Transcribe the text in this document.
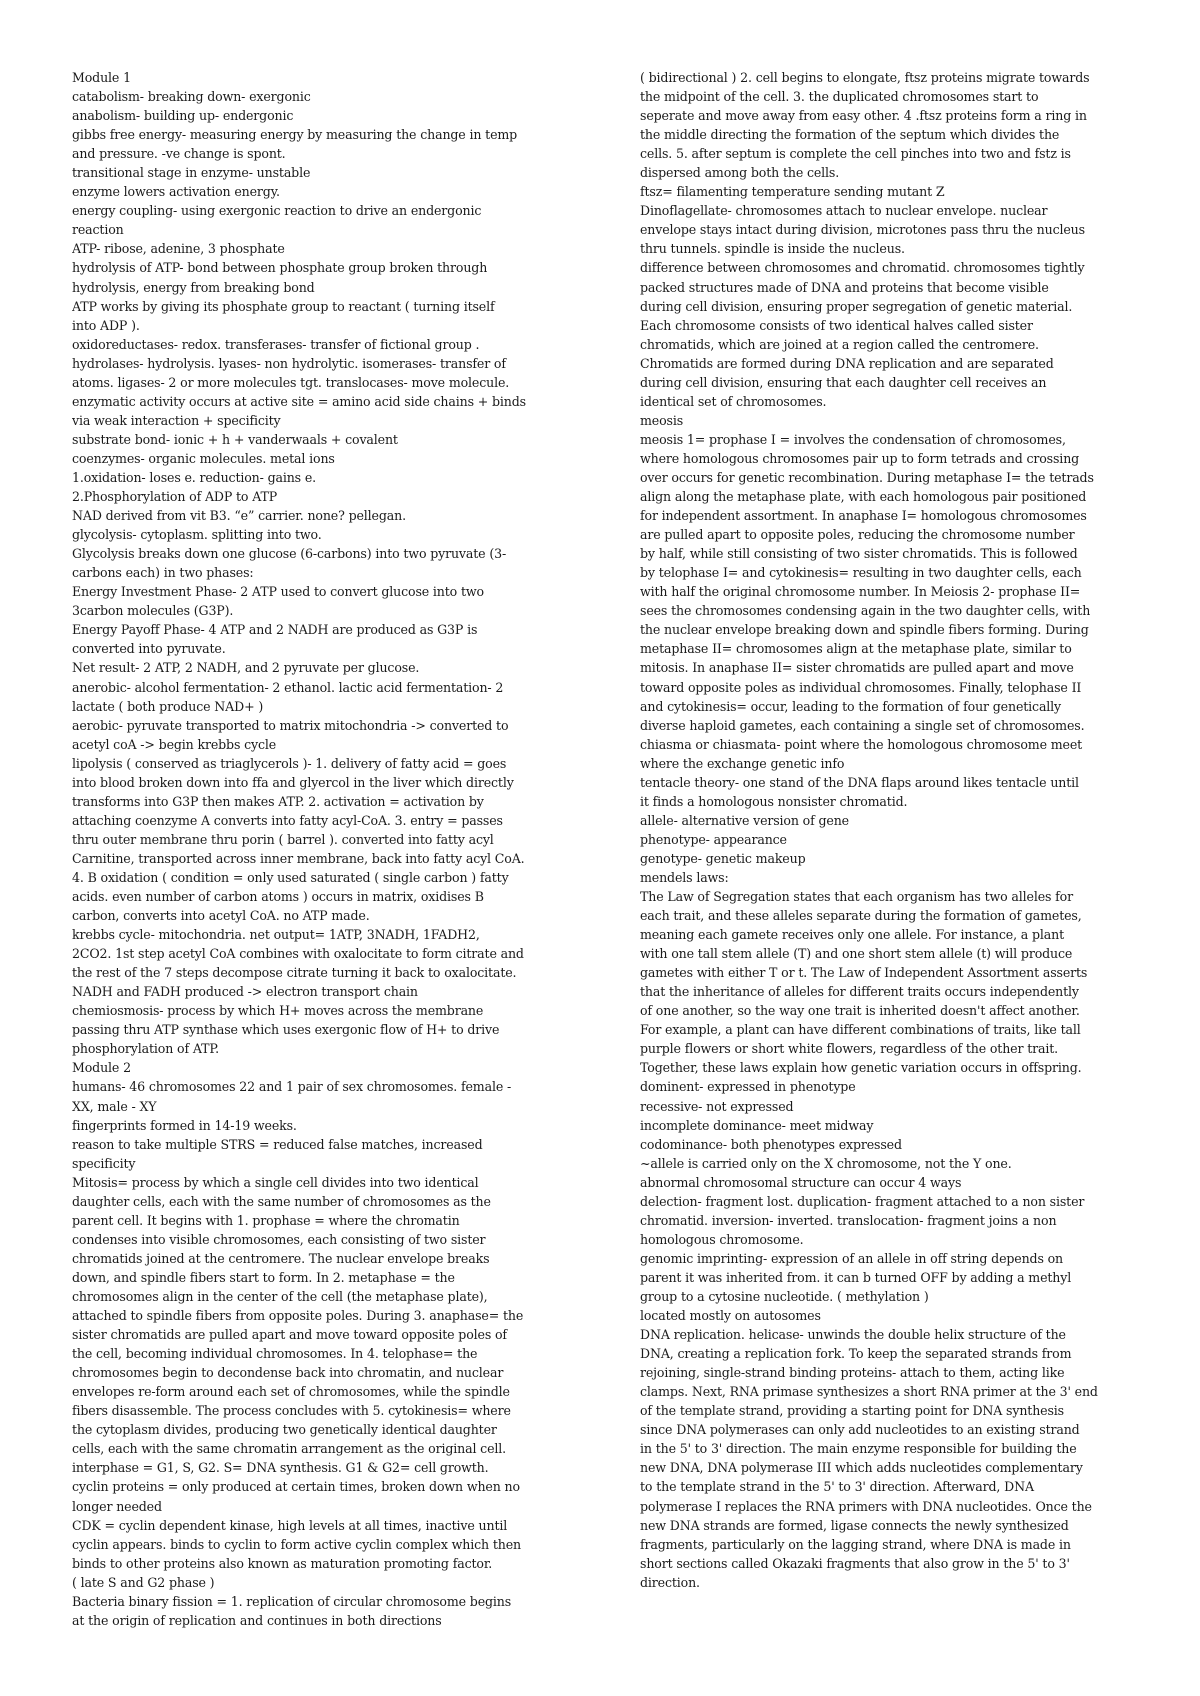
Module 1

catabolism- breaking down- exergonic

anabolism- building up- endergonic

gibbs free energy- measuring energy by measuring the change in temp

and pressure. -ve change is spont.

transitional stage in enzyme- unstable

enzyme lowers activation energy.

energy coupling- using exergonic reaction to drive an endergonic

reaction

ATP- ribose, adenine, 3 phosphate

hydrolysis of ATP- bond between phosphate group broken through

hydrolysis, energy from breaking bond

ATP works by giving its phosphate group to reactant ( turning itself

into ADP ).

oxidoreductases- redox. transferases- transfer of fictional group .

hydrolases- hydrolysis. lyases- non hydrolytic. isomerases- transfer of

atoms. ligases- 2 or more molecules tgt. translocases- move molecule.

enzymatic activity occurs at active site = amino acid side chains + binds

via weak interaction + specificity

substrate bond- ionic + h + vanderwaals + covalent

coenzymes- organic molecules. metal ions

1.oxidation- loses e. reduction- gains e.

2.Phosphorylation of ADP to ATP

NAD derived from vit B3. “e” carrier. none? pellegan.

glycolysis- cytoplasm. splitting into two.

Glycolysis breaks down one glucose (6-carbons) into two pyruvate (3-

carbons each) in two phases:

Energy Investment Phase- 2 ATP used to convert glucose into two

3carbon molecules (G3P).

Energy Payoff Phase- 4 ATP and 2 NADH are produced as G3P is

converted into pyruvate.

Net result- 2 ATP, 2 NADH, and 2 pyruvate per glucose.

anerobic- alcohol fermentation- 2 ethanol. lactic acid fermentation- 2

lactate ( both produce NAD+ )

aerobic- pyruvate transported to matrix mitochondria -> converted to

acetyl coA -> begin krebbs cycle

lipolysis ( conserved as triaglycerols )- 1. delivery of fatty acid = goes

into blood broken down into ffa and glyercol in the liver which directly

transforms into G3P then makes ATP. 2. activation = activation by

attaching coenzyme A converts into fatty acyl-CoA. 3. entry = passes

thru outer membrane thru porin ( barrel ). converted into fatty acyl

Carnitine, transported across inner membrane, back into fatty acyl CoA.

4. B oxidation ( condition = only used saturated ( single carbon ) fatty

acids. even number of carbon atoms ) occurs in matrix, oxidises B

carbon, converts into acetyl CoA. no ATP made.

krebbs cycle- mitochondria. net output= 1ATP, 3NADH, 1FADH2,

2CO2. 1st step acetyl CoA combines with oxalocitate to form citrate and

the rest of the 7 steps decompose citrate turning it back to oxalocitate.

NADH and FADH produced -> electron transport chain

chemiosmosis- process by which H+ moves across the membrane

passing thru ATP synthase which uses exergonic flow of H+ to drive

phosphorylation of ATP.

Module 2

humans- 46 chromosomes 22 and 1 pair of sex chromosomes. female -

XX, male - XY

fingerprints formed in 14-19 weeks.

reason to take multiple STRS = reduced false matches, increased

specificity

Mitosis= process by which a single cell divides into two identical

daughter cells, each with the same number of chromosomes as the

parent cell. It begins with 1. prophase = where the chromatin

condenses into visible chromosomes, each consisting of two sister

chromatids joined at the centromere. The nuclear envelope breaks

down, and spindle fibers start to form. In 2. metaphase = the

chromosomes align in the center of the cell (the metaphase plate),

attached to spindle fibers from opposite poles. During 3. anaphase= the

sister chromatids are pulled apart and move toward opposite poles of

the cell, becoming individual chromosomes. In 4. telophase= the

chromosomes begin to decondense back into chromatin, and nuclear

envelopes re-form around each set of chromosomes, while the spindle

fibers disassemble. The process concludes with 5. cytokinesis= where

the cytoplasm divides, producing two genetically identical daughter

cells, each with the same chromatin arrangement as the original cell.

interphase = G1, S, G2. S= DNA synthesis. G1 & G2= cell growth.

cyclin proteins = only produced at certain times, broken down when no

longer needed

CDK = cyclin dependent kinase, high levels at all times, inactive until

cyclin appears. binds to cyclin to form active cyclin complex which then

binds to other proteins also known as maturation promoting factor.

( late S and G2 phase )

Bacteria binary fission = 1. replication of circular chromosome begins

at the origin of replication and continues in both directions

( bidirectional ) 2. cell begins to elongate, ftsz proteins migrate towards

the midpoint of the cell. 3. the duplicated chromosomes start to

seperate and move away from easy other. 4 .ftsz proteins form a ring in

the middle directing the formation of the septum which divides the

cells. 5. after septum is complete the cell pinches into two and fstz is

dispersed among both the cells.

ftsz= filamenting temperature sending mutant Z

Dinoflagellate- chromosomes attach to nuclear envelope. nuclear

envelope stays intact during division, microtones pass thru the nucleus

thru tunnels. spindle is inside the nucleus.

difference between chromosomes and chromatid. chromosomes tightly

packed structures made of DNA and proteins that become visible

during cell division, ensuring proper segregation of genetic material.

Each chromosome consists of two identical halves called sister

chromatids, which are joined at a region called the centromere.

Chromatids are formed during DNA replication and are separated

during cell division, ensuring that each daughter cell receives an

identical set of chromosomes.

meosis

meosis 1= prophase I = involves the condensation of chromosomes,

where homologous chromosomes pair up to form tetrads and crossing

over occurs for genetic recombination. During metaphase I= the tetrads

align along the metaphase plate, with each homologous pair positioned

for independent assortment. In anaphase I= homologous chromosomes

are pulled apart to opposite poles, reducing the chromosome number

by half, while still consisting of two sister chromatids. This is followed

by telophase I= and cytokinesis= resulting in two daughter cells, each

with half the original chromosome number. In Meiosis 2- prophase II=

sees the chromosomes condensing again in the two daughter cells, with

the nuclear envelope breaking down and spindle fibers forming. During

metaphase II= chromosomes align at the metaphase plate, similar to

mitosis. In anaphase II= sister chromatids are pulled apart and move

toward opposite poles as individual chromosomes. Finally, telophase II

and cytokinesis= occur, leading to the formation of four genetically

diverse haploid gametes, each containing a single set of chromosomes.

chiasma or chiasmata- point where the homologous chromosome meet

where the exchange genetic info

tentacle theory- one stand of the DNA flaps around likes tentacle until

it finds a homologous nonsister chromatid.

allele- alternative version of gene

phenotype- appearance

genotype- genetic makeup

mendels laws:

The Law of Segregation states that each organism has two alleles for

each trait, and these alleles separate during the formation of gametes,

meaning each gamete receives only one allele. For instance, a plant

with one tall stem allele (T) and one short stem allele (t) will produce

gametes with either T or t. The Law of Independent Assortment asserts

that the inheritance of alleles for different traits occurs independently

of one another, so the way one trait is inherited doesn't affect another.

For example, a plant can have different combinations of traits, like tall

purple flowers or short white flowers, regardless of the other trait.

Together, these laws explain how genetic variation occurs in offspring.

dominent- expressed in phenotype

recessive- not expressed

incomplete dominance- meet midway

codominance- both phenotypes expressed

~allele is carried only on the X chromosome, not the Y one.

abnormal chromosomal structure can occur 4 ways

delection- fragment lost. duplication- fragment attached to a non sister

chromatid. inversion- inverted. translocation- fragment joins a non

homologous chromosome.

genomic imprinting- expression of an allele in off string depends on

parent it was inherited from. it can b turned OFF by adding a methyl

group to a cytosine nucleotide. ( methylation )

located mostly on autosomes

DNA replication. helicase- unwinds the double helix structure of the

DNA, creating a replication fork. To keep the separated strands from

rejoining, single-strand binding proteins- attach to them, acting like

clamps. Next, RNA primase synthesizes a short RNA primer at the 3' end

of the template strand, providing a starting point for DNA synthesis

since DNA polymerases can only add nucleotides to an existing strand

in the 5' to 3' direction. The main enzyme responsible for building the

new DNA, DNA polymerase III which adds nucleotides complementary

to the template strand in the 5' to 3' direction. Afterward, DNA

polymerase I replaces the RNA primers with DNA nucleotides. Once the

new DNA strands are formed, ligase connects the newly synthesized

fragments, particularly on the lagging strand, where DNA is made in

short sections called Okazaki fragments that also grow in the 5' to 3'

direction.
